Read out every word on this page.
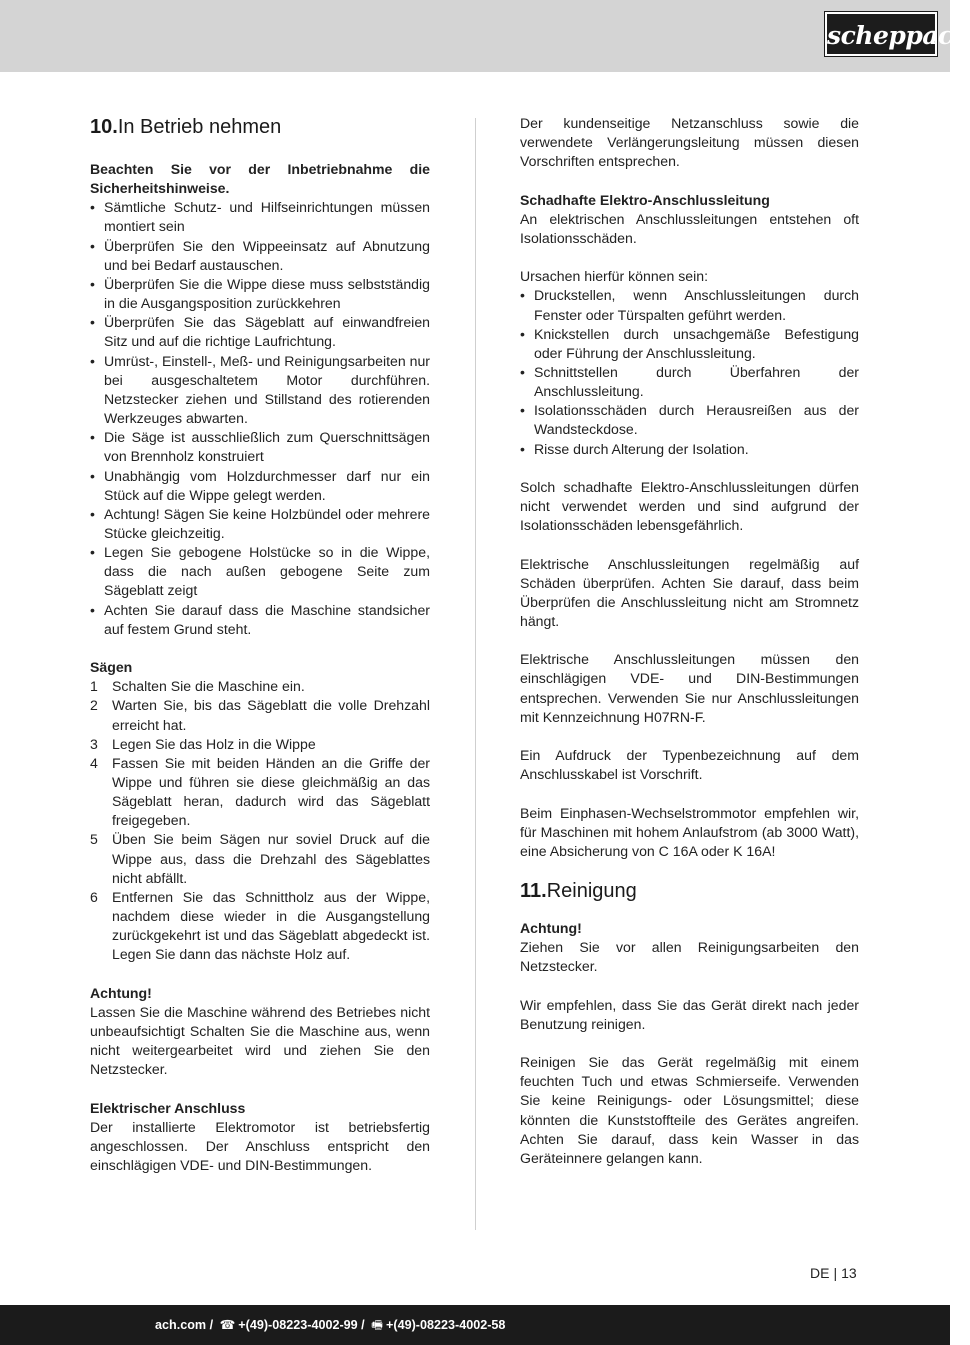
scheppach
10.In Betrieb nehmen

Beachten Sie vor der Inbetriebnahme die Sicherheitshinweise.

• Sämtliche Schutz- und Hilfseinrichtungen müssen montiert sein
• Überprüfen Sie den Wippeeinsatz auf Abnutzung und bei Bedarf austauschen.
• Überprüfen Sie die Wippe diese muss selbstständig in die Ausgangsposition zurückkehren
• Überprüfen Sie das Sägeblatt auf einwandfreien Sitz und auf die richtige Laufrichtung.
• Umrüst-, Einstell-, Meß- und Reinigungsarbeiten nur bei ausgeschaltetem Motor durchführen. Netzstecker ziehen und Stillstand des rotierenden Werkzeuges abwarten.
• Die Säge ist ausschließlich zum Querschnittsägen von Brennholz konstruiert
• Unabhängig vom Holzdurchmesser darf nur ein Stück auf die Wippe gelegt werden.
• Achtung! Sägen Sie keine Holzbündel oder mehrere Stücke gleichzeitig.
• Legen Sie gebogene Holstücke so in die Wippe, dass die nach außen gebogene Seite zum Sägeblatt zeigt
• Achten Sie darauf dass die Maschine standsicher auf festem Grund steht.

Sägen

1 Schalten Sie die Maschine ein.
2 Warten Sie, bis das Sägeblatt die volle Drehzahl erreicht hat.
3 Legen Sie das Holz in die Wippe
4 Fassen Sie mit beiden Händen an die Griffe der Wippe und führen sie diese gleichmäßig an das Sägeblatt heran, dadurch wird das Sägeblatt freigegeben.
5 Üben Sie beim Sägen nur soviel Druck auf die Wippe aus, dass die Drehzahl des Sägeblattes nicht abfällt.
6 Entfernen Sie das Schnittholz aus der Wippe, nachdem diese wieder in die Ausgangstellung zurückgekehrt ist und das Sägeblatt abgedeckt ist. Legen Sie dann das nächste Holz auf.

Achtung!

Lassen Sie die Maschine während des Betriebes nicht unbeaufsichtigt Schalten Sie die Maschine aus, wenn nicht weitergearbeitet wird und ziehen Sie den Netzstecker.

Elektrischer Anschluss

Der installierte Elektromotor ist betriebsfertig angeschlossen. Der Anschluss entspricht den einschlägigen VDE- und DIN-Bestimmungen.

Der kundenseitige Netzanschluss sowie die verwendete Verlängerungsleitung müssen diesen Vorschriften entsprechen.

Schadhafte Elektro-Anschlussleitung

An elektrischen Anschlussleitungen entstehen oft Isolationsschäden.

Ursachen hierfür können sein:

• Druckstellen, wenn Anschlussleitungen durch Fenster oder Türspalten geführt werden.
• Knickstellen durch unsachgemäße Befestigung oder Führung der Anschlussleitung.
• Schnittstellen durch Überfahren der Anschlussleitung.
• Isolationsschäden durch Herausreißen aus der Wandsteckdose.
• Risse durch Alterung der Isolation.

Solch schadhafte Elektro-Anschlussleitungen dürfen nicht verwendet werden und sind aufgrund der Isolationsschäden lebensgefährlich.

Elektrische Anschlussleitungen regelmäßig auf Schäden überprüfen. Achten Sie darauf, dass beim Überprüfen die Anschlussleitung nicht am Stromnetz hängt.

Elektrische Anschlussleitungen müssen den einschlägigen VDE- und DIN-Bestimmungen entsprechen. Verwenden Sie nur Anschlussleitungen mit Kennzeichnung H07RN-F.

Ein Aufdruck der Typenbezeichnung auf dem Anschlusskabel ist Vorschrift.

Beim Einphasen-Wechselstrommotor empfehlen wir, für Maschinen mit hohem Anlaufstrom (ab 3000 Watt), eine Absicherung von C 16A oder K 16A!

11.Reinigung

Achtung!

Ziehen Sie vor allen Reinigungsarbeiten den Netzstecker.

Wir empfehlen, dass Sie das Gerät direkt nach jeder Benutzung reinigen.

Reinigen Sie das Gerät regelmäßig mit einem feuchten Tuch und etwas Schmierseife. Verwenden Sie keine Reinigungs- oder Lösungsmittel; diese könnten die Kunststoffteile des Gerätes angreifen. Achten Sie darauf, dass kein Wasser in das Geräteinnere gelangen kann.

DE | 13
ach.com / ☎ +(49)-08223-4002-99 / 🖷 +(49)-08223-4002-58
